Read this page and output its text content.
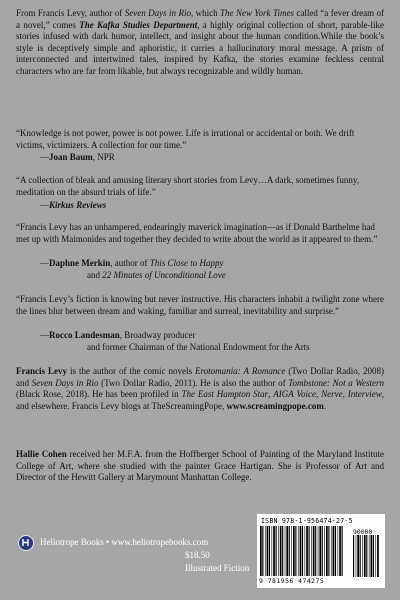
From Francis Levy, author of Seven Days in Rio, which The New York Times called “a fever dream of a novel,” comes The Kafka Studies Department, a highly original collection of short, parable-like stories infused with dark humor, intellect, and insight about the human condition.While the book’s style is deceptively simple and aphoristic, it carries a hallucinatory moral message. A prism of interconnected and intertwined tales, inspired by Kafka, the stories examine feckless central characters who are far from likable, but always recognizable and wildly human.

“Knowledge is not power, power is not power. Life is irrational or accidental or both. We drift victims, victimizers. A collection for our time.”

—Joan Baum, NPR

“A collection of bleak and amusing literary short stories from Levy…A dark, sometimes funny, meditation on the absurd trials of life.”

—Kirkus Reviews

“Francis Levy has an unhampered, endearingly maverick imagination—as if Donald Barthelme had met up with Maimonides and together they decided to write about the world as it appeared to them.”

—Daphne Merkin, author of This Close to Happy

and 22 Minutes of Unconditional Love

“Francis Levy’s fiction is knowing but never instructive. His characters inhabit a twilight zone where the lines blur between dream and waking, familiar and surreal, inevitability and surprise.”

—Rocco Landesman, Broadway producer

and former Chairman of the National Endowment for the Arts

Francis Levy is the author of the comic novels Erotomania: A Romance (Two Dollar Radio, 2008) and Seven Days in Rio (Two Dollar Radio, 2011). He is also the author of Tombstone: Not a Western (Black Rose, 2018). He has been profiled in The East Hampton Star, AIGA Voice, Nerve, Interview, and elsewhere. Francis Levy blogs at TheScreamingPope, www.screamingpope.com.

Hallie Cohen received her M.F.A. from the Hoffberger School of Painting of the Maryland Institute College of Art, where she studied with the painter Grace Hartigan. She is Professor of Art and Director of the Hewitt Gallery at Marymount Manhattan College.

Heliotrope Books • www.heliotropebooks.com
$18.50
Illustrated Fiction
ISBN 978-1-956474-27-5
90000
9 781956 474275
